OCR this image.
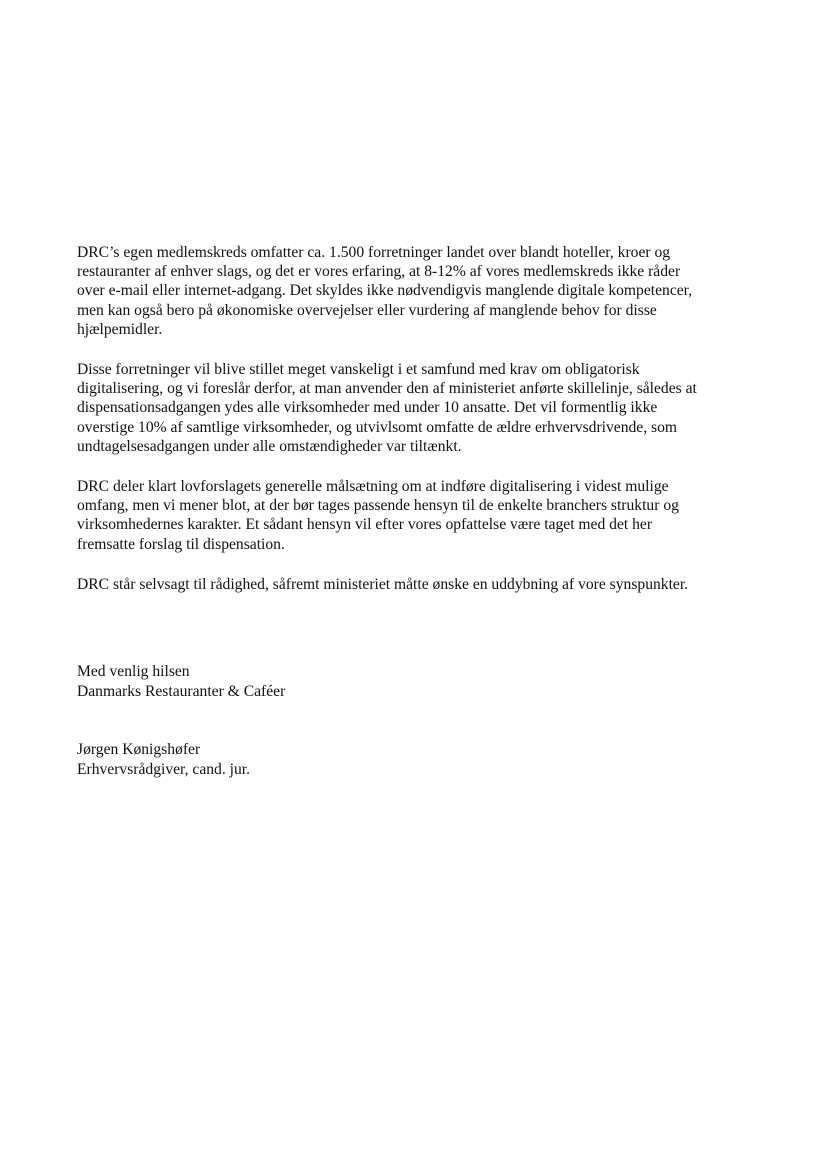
DRC’s egen medlemskreds omfatter ca. 1.500 forretninger landet over blandt hoteller, kroer og
restauranter af enhver slags, og det er vores erfaring, at 8-12% af vores medlemskreds ikke råder
over e-mail eller internet-adgang. Det skyldes ikke nødvendigvis manglende digitale kompetencer,
men kan også bero på økonomiske overvejelser eller vurdering af manglende behov for disse
hjælpemidler.

Disse forretninger vil blive stillet meget vanskeligt i et samfund med krav om obligatorisk
digitalisering, og vi foreslår derfor, at man anvender den af ministeriet anførte skillelinje, således at
dispensationsadgangen ydes alle virksomheder med under 10 ansatte. Det vil formentlig ikke
overstige 10% af samtlige virksomheder, og utvivlsomt omfatte de ældre erhvervsdrivende, som
undtagelsesadgangen under alle omstændigheder var tiltænkt.

DRC deler klart lovforslagets generelle målsætning om at indføre digitalisering i videst mulige
omfang, men vi mener blot, at der bør tages passende hensyn til de enkelte branchers struktur og
virksomhedernes karakter. Et sådant hensyn vil efter vores opfattelse være taget med det her
fremsatte forslag til dispensation.

DRC står selvsagt til rådighed, såfremt ministeriet måtte ønske en uddybning af vore synspunkter.

Med venlig hilsen
Danmarks Restauranter & Caféer
Jørgen Kønigshøfer
Erhvervsrådgiver, cand. jur.
